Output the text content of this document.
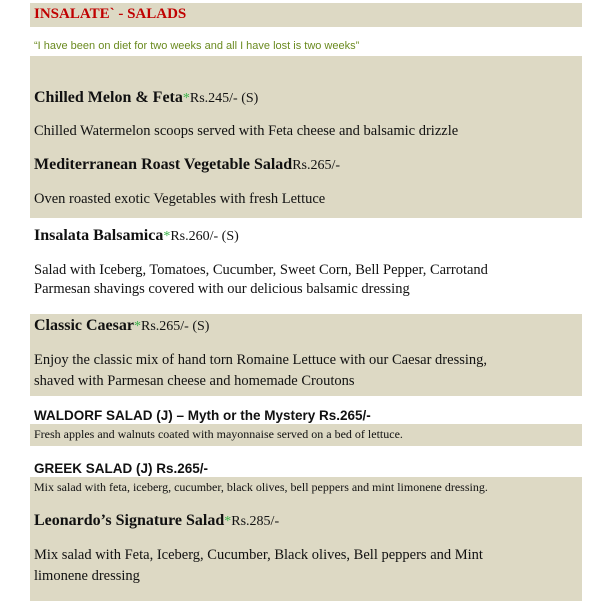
INSALATE` - SALADS
“I have been on diet for two weeks and all I have lost is two weeks”
Chilled Melon & Feta*Rs.245/- (S)
Chilled Watermelon scoops served with Feta cheese and balsamic drizzle
Mediterranean Roast Vegetable SaladRs.265/-
Oven roasted exotic Vegetables with fresh Lettuce
Insalata Balsamica*Rs.260/- (S)
Salad with Iceberg, Tomatoes, Cucumber, Sweet Corn, Bell Pepper, Carrotand
Parmesan shavings covered with our delicious balsamic dressing
Classic Caesar*Rs.265/- (S)
Enjoy the classic mix of hand torn Romaine Lettuce with our Caesar dressing,
shaved with Parmesan cheese and homemade Croutons
WALDORF SALAD (J) – Myth or the Mystery Rs.265/-
Fresh apples and walnuts coated with mayonnaise served on a bed of lettuce.
GREEK SALAD (J) Rs.265/-
Mix salad with feta, iceberg, cucumber, black olives, bell peppers and mint limonene dressing.
Leonardo’s Signature Salad*Rs.285/-
Mix salad with Feta, Iceberg, Cucumber, Black olives, Bell peppers and Mint
limonene dressing
